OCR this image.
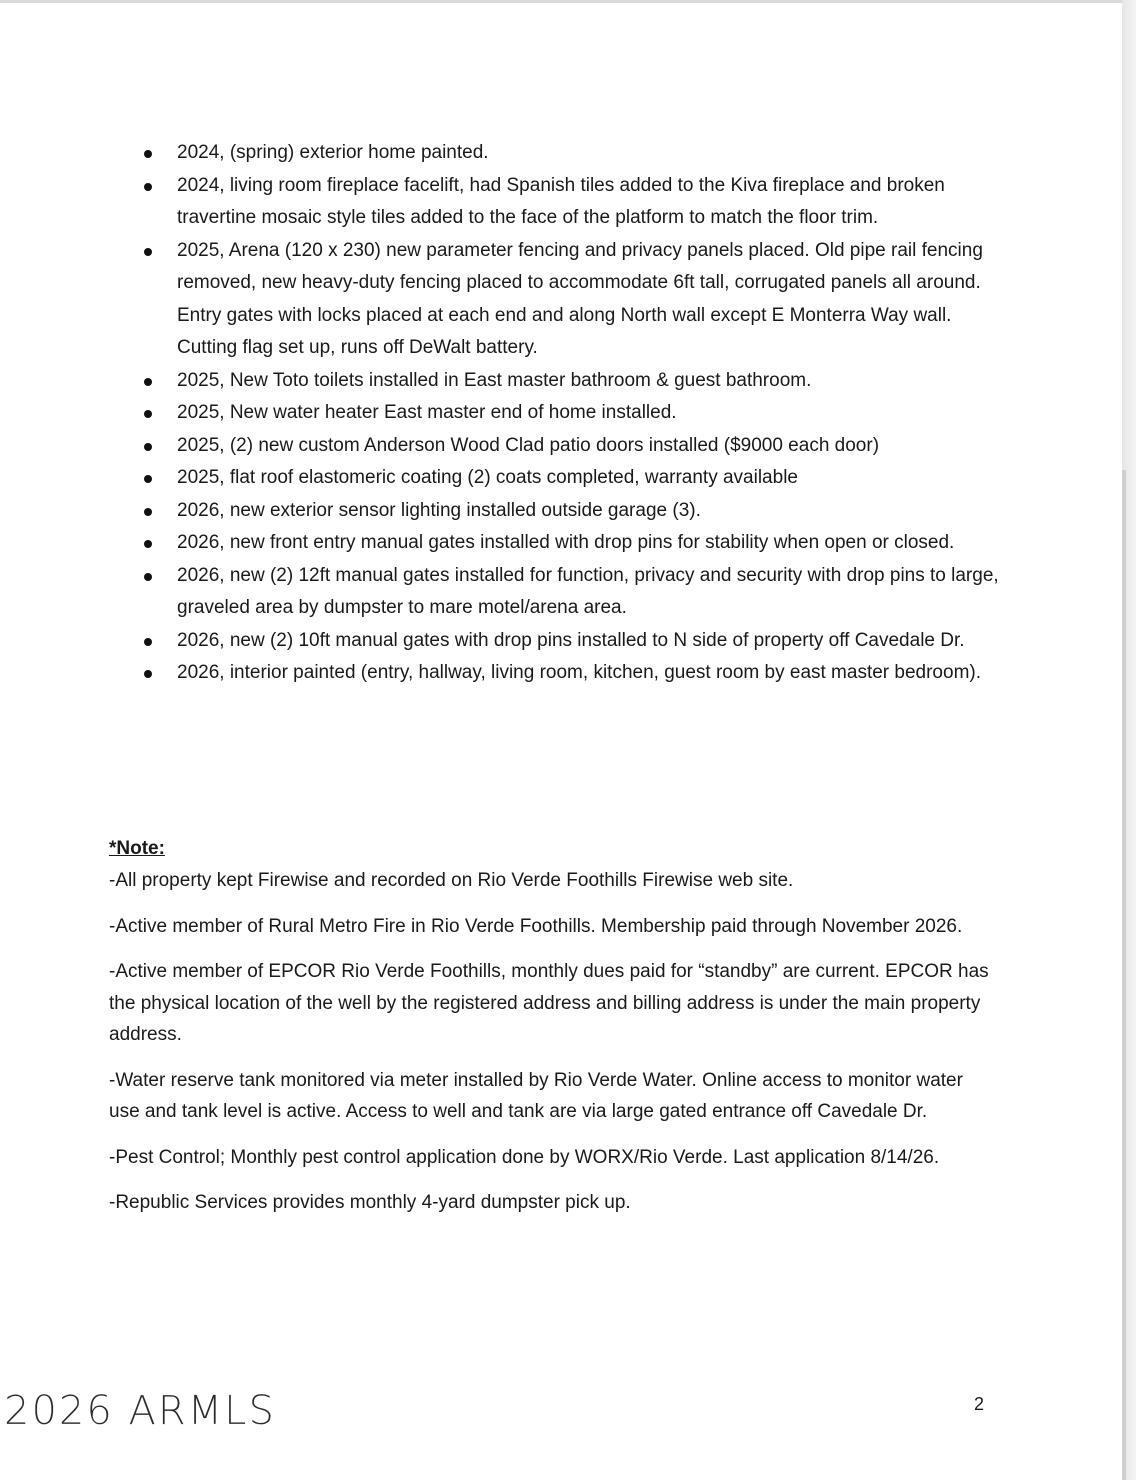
2024, (spring) exterior home painted.
2024, living room fireplace facelift, had Spanish tiles added to the Kiva fireplace and broken travertine mosaic style tiles added to the face of the platform to match the floor trim.
2025, Arena (120 x 230) new parameter fencing and privacy panels placed. Old pipe rail fencing removed, new heavy-duty fencing placed to accommodate 6ft tall, corrugated panels all around. Entry gates with locks placed at each end and along North wall except E Monterra Way wall. Cutting flag set up, runs off DeWalt battery.
2025, New Toto toilets installed in East master bathroom & guest bathroom.
2025, New water heater East master end of home installed.
2025, (2) new custom Anderson Wood Clad patio doors installed ($9000 each door)
2025, flat roof elastomeric coating (2) coats completed, warranty available
2026, new exterior sensor lighting installed outside garage (3).
2026, new front entry manual gates installed with drop pins for stability when open or closed.
2026, new (2) 12ft manual gates installed for function, privacy and security with drop pins to large, graveled area by dumpster to mare motel/arena area.
2026, new (2) 10ft manual gates with drop pins installed to N side of property off Cavedale Dr.
2026, interior painted (entry, hallway, living room, kitchen, guest room by east master bedroom).

*Note:

-All property kept Firewise and recorded on Rio Verde Foothills Firewise web site.

-Active member of Rural Metro Fire in Rio Verde Foothills. Membership paid through November 2026.

-Active member of EPCOR Rio Verde Foothills, monthly dues paid for “standby” are current. EPCOR has the physical location of the well by the registered address and billing address is under the main property address.

-Water reserve tank monitored via meter installed by Rio Verde Water. Online access to monitor water use and tank level is active. Access to well and tank are via large gated entrance off Cavedale Dr.

-Pest Control; Monthly pest control application done by WORX/Rio Verde. Last application 8/14/26.

-Republic Services provides monthly 4-yard dumpster pick up.

2026 ARMLS	2
